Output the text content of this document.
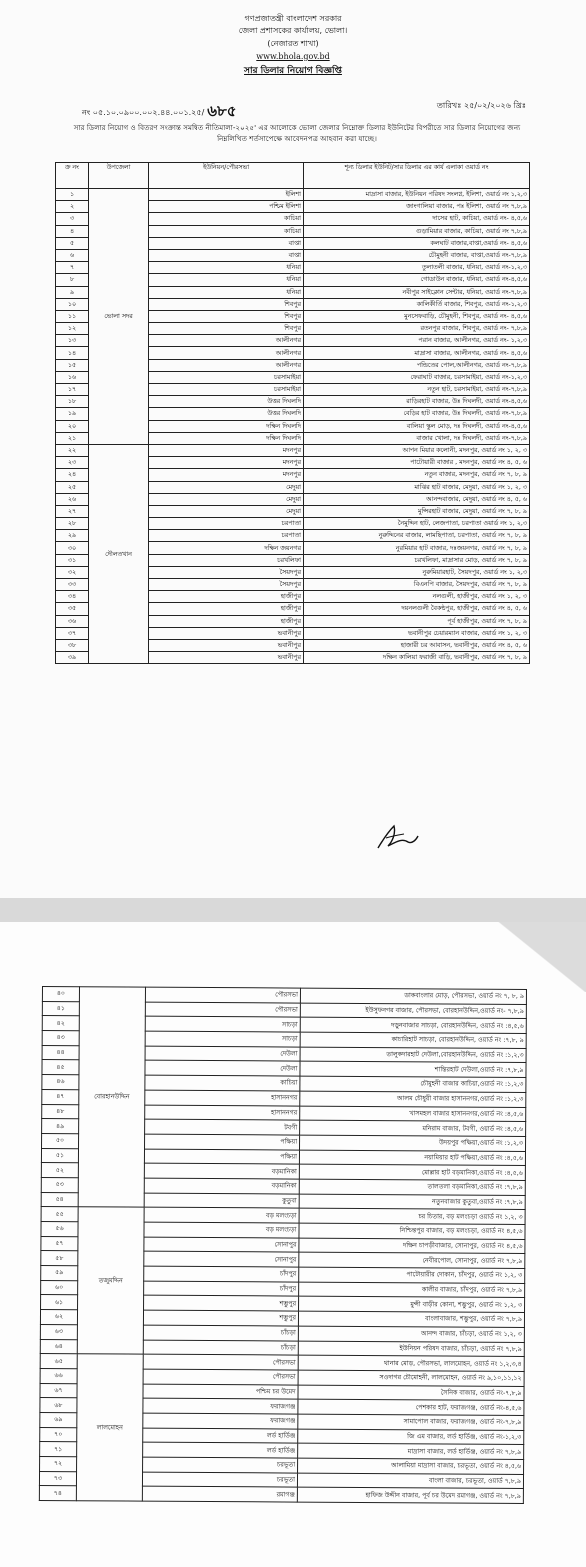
গণপ্রজাতন্ত্রী বাংলাদেশ সরকার
জেলা প্রশাসকের কার্যালয়, ভোলা।
(নেজারত শাখা)
www.bhola.gov.bd
সার ডিলার নিয়োগ বিজ্ঞপ্তি
নং ০৫.১০.০৯০০.০০২.৪৪.০০১.২৫/ ৬৮৫	তারিখঃ ২৫/০২/২০২৬ খ্রিঃ
সার ডিলার নিয়োগ ও বিতরণ সংক্রান্ত সমন্বিত নীতিমালা-২০২৫' এর আলোকে ভোলা জেলার নিম্নোক্ত ডিলার ইউনিটের বিপরীতে সার ডিলার নিয়োগের জন্য নিম্নলিখিত শর্তসাপেক্ষে আবেদনপত্র আহবান করা যাচ্ছে।
ক্র নং	উপজেলা	ইউনিয়ন/পৌরসভা	শূন্য ডিলার ইউনিট/সার ডিলার এর কার্য এলাকা ওয়ার্ড নং
১	ভোলা সদর	ইলিশা	মাদ্রাসা বাজার, ইউনিয়ন পরিষদ সংলগ্ন, ইলিশা, ওয়ার্ড নং ১,২,৩
২		পশ্চিম ইলিশা	জাংগালিয়া বাজার, পঃ ইলিশা, ওয়ার্ড নং ৭,৮,৯
৩		কাচিয়া	দাসের হাট, কাচিয়া, ওয়ার্ড নং- ৪,৫,৬
৪		কাচিয়া	গুড়ামিয়ার বাজার, কাচিয়া, ওয়ার্ড নং ৭,৮,৯
৫		বাপ্তা	কলঘাট বাজার,বাপ্তা,ওয়ার্ড নং- ৪,৫,৬
৬		বাপ্তা	চৌমুহনী বাজার, বাপ্তা,ওয়ার্ড নং-৭,৮,৯
৭		ধনিয়া	তুলাতলী বাজার, ধনিয়া, ওয়ার্ড নং-১,২,৩
৮		ধনিয়া	গোডাউন বাজার, ধনিয়া, ওয়ার্ড নং-৪,৫,৬
৯		ধনিয়া	নবীপুর সাইক্লোন সেন্টার, ধনিয়া, ওয়ার্ড নং-৭,৮,৯
১০		শিবপুর	কালিকীর্তি বাজার, শিবপুর, ওয়ার্ড নং-১,২,৩
১১		শিবপুর	মুনসেফবাড়ি, চৌমুহনী, শিবপুর, ওয়ার্ড নং- ৪,৫,৬
১২		শিবপুর	রতনপুর বাজার, শিবপুর, ওয়ার্ড নং- ৭,৮,৯
১৩		আলীনগর	পরান বাজার, আলীনগর, ওয়ার্ড নং- ১,২,৩
১৪		আলীনগর	মাদ্রাসা বাজার, আলীনগর, ওয়ার্ড নং- ৪,৫,৬
১৫		আলীনগর	পন্ডিতের পোল,আলীনগর, ওয়ার্ড নং-৭,৮,৯
১৬		চরসামাইয়া	ফেরাঘাট বাজার, চরসামাইয়া, ওয়ার্ড নং-১,২,৩
১৭		চরসামাইয়া	নতুন হাট, চরসামাইয়া, ওয়ার্ড নং-৭,৮,৯
১৮		উত্তর দিঘলদি	রাড়িরহাট বাজার, উঃ দিঘলদী, ওয়ার্ড নং-৪,৫,৬
১৯		উত্তর দিঘলদি	বেড়ির হাট বাজার, উঃ দিঘলদী, ওয়ার্ড নং-৭,৮,৯
২০		দক্ষিন দিঘলদি	বালিয়া স্কুল মোড়, দঃ দিঘলদী, ওয়ার্ড নং-৪,৫,৬
২১		দক্ষিন দিঘলদি	বাজার খোলা, দঃ দিঘলদী, ওয়ার্ড নং-৭,৮,৯
২২	দৌলতখান	মদনপুর	আপন মিয়ার কলোনী, মদনপুর, ওয়ার্ড নং ১, ২, ৩
২৩		মদনপুর	পাটোয়ারী বাজার , মদনপুর, ওয়ার্ড নং ৪, ৫, ৬
২৪		মদনপুর	নতুন বাজার, মদনপুর, ওয়ার্ড নং ৭, ৮, ৯
২৫		মেদুয়া	মাঝির হাট বাজার, মেদুয়া, ওয়ার্ড নং ১, ২, ৩
২৬		মেদুয়া	আনন্দবাজার, মেদুয়া, ওয়ার্ড নং ৪, ৫, ৬
২৭		মেদুয়া	মুন্সিরহাট বাজার, মেদুয়া, ওয়ার্ড নং ৭, ৮, ৯
২৮		চরপাতা	নৈমুদ্দিন হাট, লেজপাতা, চরপাতা ওয়ার্ড নং ১, ২,৩
২৯		চরপাতা	নুরুদ্দিনের বাজার, লামছিপাতা, চরপাতা, ওয়ার্ড নং ৭, ৮, ৯
৩০		দক্ষিন জয়নগর	নুরমিয়ার হাট বাজার, দঃজয়নগর, ওয়ার্ড নং ৭, ৮, ৯
৩১		চরখলিফা	চরখলিফা, মাদ্রাসার মোড়, ওয়ার্ড নং ৭, ৮, ৯
৩২		সৈয়দপুর	নুরুমিয়ারহাট, সৈয়দপুর, ওয়ার্ড নং ১, ২,৩
৩৩		সৈয়দপুর	বিএনপি বাজার, সৈয়দপুর, ওয়ার্ড নং ৭, ৮, ৯
৩৪		হাজীপুর	নলগুলী, হাজীপুর, ওয়ার্ড নং ১, ২, ৩
৩৫		হাজীপুর	দয়নলগুলী বৈকন্ঠপুর, হাজীপুর, ওয়ার্ড নং ৪, ৫, ৬
৩৬		হাজীপুর	পূর্ব হাজীপুর, ওয়ার্ড নং ৭, ৮, ৯
৩৭		ভবানীপুর	ভবানীপুর চেয়ারম্যান বাজার, ওয়ার্ড নং ১, ২, ৩
৩৮		ভবানীপুর	হাজারী চর আবাসন, ভবানীপুর, ওয়ার্ড নং ৪, ৫, ৬
৩৯		ভবানীপুর	দক্ষিন কালিয়া ফরাজী বাড়ি, ভবানীপুর, ওয়ার্ড নং ৭, ৮, ৯
৪০	বোরহানউদ্দিন	পৌরসভা	ডাকবাংলার মোড়, পৌরসভা, ওয়ার্ড নং ৭, ৮, ৯
৪১		পৌরসভা	ইউসুফনগর বাজার, পৌরসভা, বোরহানউদ্দিন,ওয়ার্ড নং- ৭,৮,৯
৪২		সাচড়া	দড়ুনবাজার সাচড়া, বোরহানউদ্দিন, ওয়ার্ড নং :৪,৫,৬
৪৩		সাচড়া	কাচারিহাট সাচড়া, বোরহানউদ্দিন, ওয়ার্ড নং :৭,৮, ৯
৪৪		দেউলা	তালুকদারহাট দেউলা,বোরহানউদ্দিন, ওয়ার্ড নং :১,২,৩
৪৫		দেউলা	শান্তিরহাট দেউলা,ওয়ার্ড নং :৭,৮,৯
৪৬		কাচিয়া	চৌমুহনী বাজার কাচিয়া,ওয়ার্ড নং :১,২,৩
৪৭		হাসাননগর	আলম চৌধুরী বাজার হাসাননগর,ওয়ার্ড নং :১,২,৩
৪৮		হাসাননগর	খাসমহল বাজার হাসাননগর,ওয়ার্ড নং :৪,৫,৬
৪৯		টবগী	মনিরাম বাজার, টবগী, ওয়ার্ড নং :৪,৫,৬
৫০		পক্ষিয়া	উদয়পুর পক্ষিয়া,ওয়ার্ড নং :১,২,৩
৫১		পক্ষিয়া	নয়ামিয়ার হাট পক্ষিয়া,ওয়ার্ড নং :৪,৫,৬
৫২		বড়মানিকা	মোল্লার হাট বড়মানিকা,ওয়ার্ড নং :৪,৫,৬
৫৩		বড়মানিকা	তালতলা বড়মানিকা,ওয়ার্ড নং :৭,৮,৯
৫৪		কুতুবা	নতুনবাজার কুতুবা,ওয়ার্ড নং :৭,৮,৯
৫৫	তজুমদ্দিন	বড় মলংচড়া	চর চিতার, বড় মলংচড়া ওয়ার্ড নং ১,২, ৩
৫৬		বড় মলংচড়া	নিশ্চিন্তপুর বাজার, বড় মলংচড়া, ওয়ার্ড নং ৪,৫,৬
৫৭		সোনাপুর	দক্ষিন চাপড়ীবাজার, সোনাপুর, ওয়ার্ড নং ৪,৫,৬
৫৮		সোনাপুর	নেবীরপোল, সোনাপুর, ওয়ার্ড নং ৭,৮,৯
৫৯		চাঁদপুর	পাটোয়ারীর দোকান, চাঁদপুর, ওয়ার্ড নং ১,২, ৩
৬০		চাঁদপুর	কালীর বাজার, চাঁদপুর, ওয়ার্ড নং ৭,৮,৯
৬১		শম্ভুপুর	মুন্সী বাড়ীর কোনা, শম্ভুপুর, ওয়ার্ড নং ১,২, ৩
৬২		শম্ভুপুর	বাংলাবাজার, শম্ভুপুর, ওয়ার্ড নং ৭,৮,৯
৬৩		চাঁচড়া	আনন্দ বাজার, চাঁচড়া, ওয়ার্ড নং ১,২, ৩
৬৪		চাঁচড়া	ইউনিয়ন পরিষদ বাজার, চাঁচড়া, ওয়ার্ড নং ৭,৮,৯
৬৫	লালমোহন	পৌরসভা	থানার মোড়, পৌরসভা, লালমোহন, ওয়ার্ড নং ১,২,৩,৪
৬৬		পৌরসভা	সওদাগর চৌমোহনী, লালমোহন, ওয়ার্ড নং ৯,১০,১১,১২
৬৭		পশ্চিম চর উমেদ	সৈনিক বাজার, ওয়ার্ড নং-৭,৮,৯
৬৮		ফরাজগঞ্জ	পেশকার হাট, ফরাজগঞ্জ, ওয়ার্ড নং-৪,৫,৬
৬৯		ফরাজগঞ্জ	সামাপোল বাজার, ফরাজগঞ্জ, ওয়ার্ড নং-৭,৮,৯
৭০		লর্ড হার্ডিঞ্জ	জি এম বাজার, লর্ড হার্ডিঞ্জ, ওয়ার্ড নং-১,২,৩
৭১		লর্ড হার্ডিঞ্জ	মাদ্রাসা বাজার, লর্ড হার্ডিঞ্জ, ওয়ার্ড নং ৭,৮,৯
৭২		চরভূতা	আলামিয়া মাদ্রাসা বাজার, চরভূতা, ওয়ার্ড নং ৪,৫,৬
৭৩		চরভূতা	বাংলা বাজার, চরভূতা, ওয়ার্ড ৭,৮,৯
৭৪		রমাগঞ্জ	হাফিজ উদ্দীন বাজার, পূর্ব চর উমেদ রমাগঞ্জ, ওয়ার্ড নং ৭,৮,৯
